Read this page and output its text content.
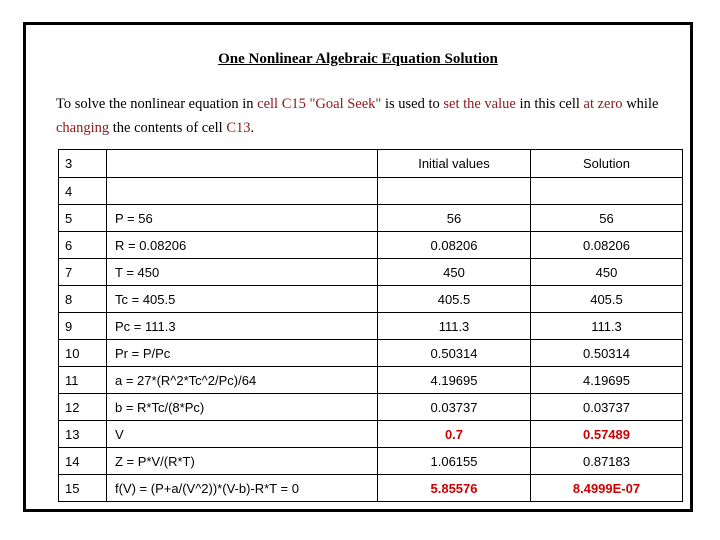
One Nonlinear Algebraic Equation Solution
To solve the nonlinear equation in cell C15 "Goal Seek" is used to set the value in this cell at zero while changing the contents of cell C13.
3		Initial values	Solution
4			
5	P = 56	56	56
6	R = 0.08206	0.08206	0.08206
7	T = 450	450	450
8	Tc = 405.5	405.5	405.5
9	Pc = 111.3	111.3	111.3
10	Pr = P/Pc	0.50314	0.50314
11	a = 27*(R^2*Tc^2/Pc)/64	4.19695	4.19695
12	b = R*Tc/(8*Pc)	0.03737	0.03737
13	V	0.7	0.57489
14	Z = P*V/(R*T)	1.06155	0.87183
15	f(V) = (P+a/(V^2))*(V-b)-R*T = 0	5.85576	8.4999E-07
